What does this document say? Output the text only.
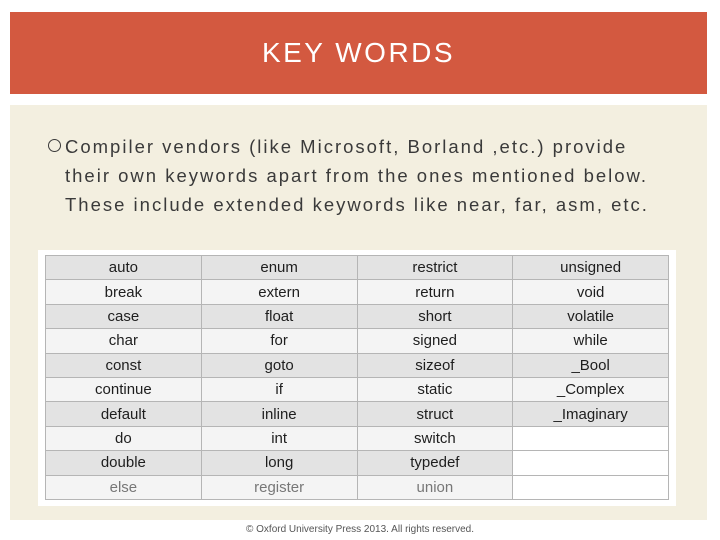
KEY WORDS
Compiler vendors (like Microsoft, Borland ,etc.) provide their own keywords apart from the ones mentioned below. These include extended keywords like near, far, asm, etc.
auto	enum	restrict	unsigned
break	extern	return	void
case	float	short	volatile
char	for	signed	while
const	goto	sizeof	_Bool
continue	if	static	_Complex
default	inline	struct	_Imaginary
do	int	switch	
double	long	typedef	
else	register	union	
© Oxford University Press 2013. All rights reserved.
